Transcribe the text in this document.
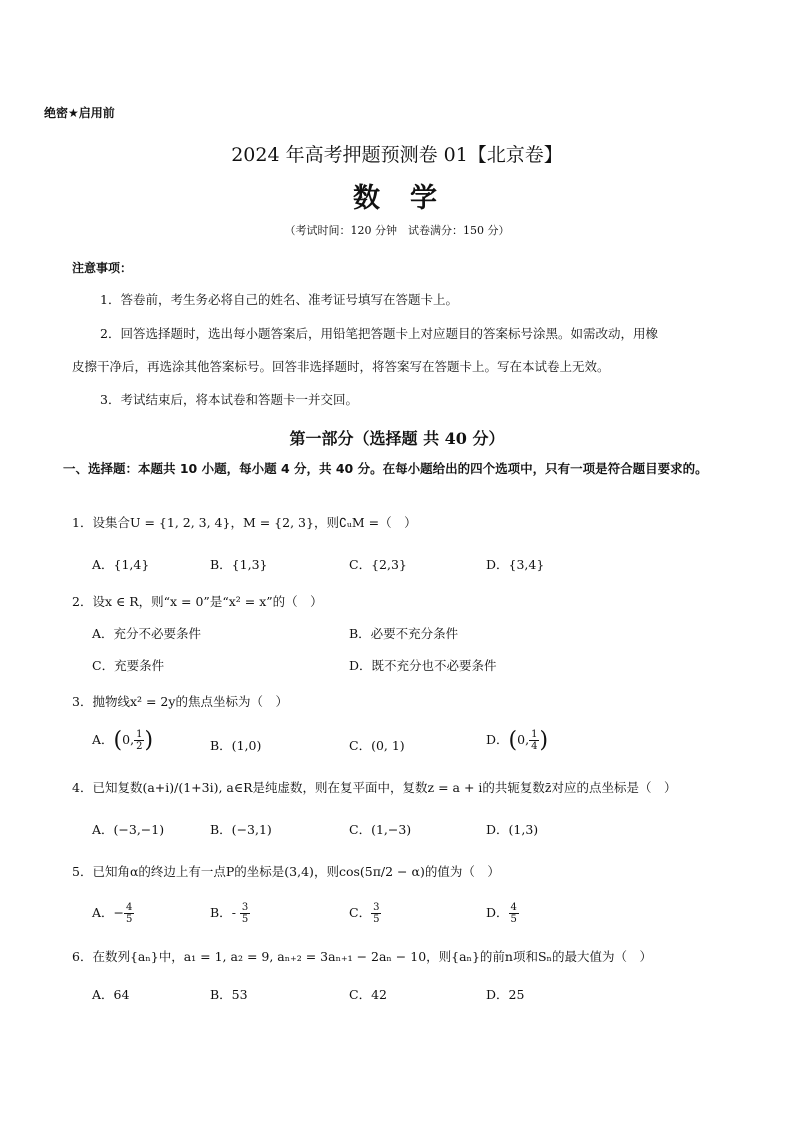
绝密★启用前
2024 年高考押题预测卷 01【北京卷】
数 学
（考试时间：120 分钟　试卷满分：150 分）
注意事项：
1．答卷前，考生务必将自己的姓名、准考证号填写在答题卡上。
2．回答选择题时，选出每小题答案后，用铅笔把答题卡上对应题目的答案标号涂黑。如需改动，用橡
皮擦干净后，再选涂其他答案标号。回答非选择题时，将答案写在答题卡上。写在本试卷上无效。
3．考试结束后，将本试卷和答题卡一并交回。
第一部分（选择题 共 40 分）
一、选择题：本题共 10 小题，每小题 4 分，共 40 分。在每小题给出的四个选项中，只有一项是符合题目要求的。
1．设集合U = {1, 2, 3, 4}，M = {2, 3}，则∁ᵤM =（　）
A．{1,4}	B．{1,3}	C．{2,3}	D．{3,4}
2．设x ∈ R，则“x = 0”是“x² = x”的（　）
A．充分不必要条件	B．必要不充分条件
C．充要条件	D．既不充分也不必要条件
3．抛物线x² = 2y的焦点坐标为（　）
A．(0, $\frac{1}{2}$ )	B．(1,0)	C．(0, 1)	D．(0, $\frac{1}{4}$ )
4．已知复数(a+i)/(1+3i), a∈R是纯虚数，则在复平面中，复数z = a + i的共轭复数z̄对应的点坐标是（　）
A．(−3,−1)	B．(−3,1)	C．(1,−3)	D．(1,3)
5．已知角α的终边上有一点P的坐标是(3,4)，则cos(5π/2 − α)的值为（　）
A．− $\frac{4}{5}$	B．- $\frac{3}{5}$	C． $\frac{3}{5}$	D． $\frac{4}{5}$
6．在数列{aₙ}中，a₁ = 1, a₂ = 9, aₙ₊₂ = 3aₙ₊₁ − 2aₙ − 10，则{aₙ}的前n项和Sₙ的最大值为（　）
A．64	B．53	C．42	D．25
